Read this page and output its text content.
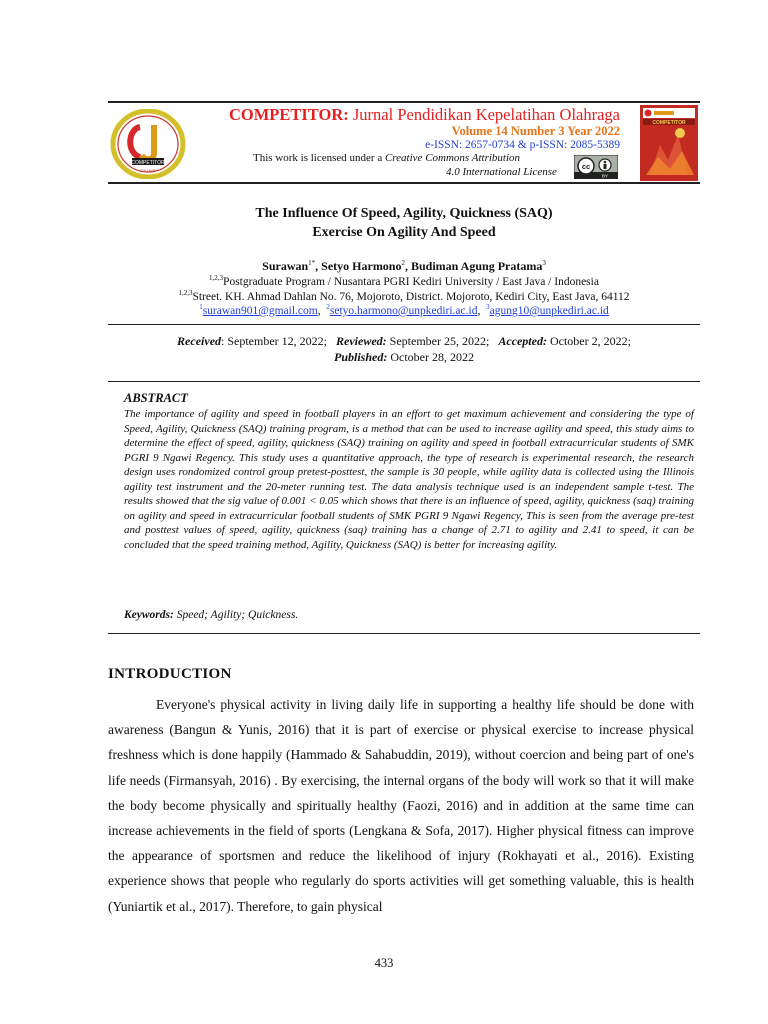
COMPETITOR
FIK UNIP
COMPETITOR: Jurnal Pendidikan Kepelatihan Olahraga
Volume 14 Number 3 Year 2022
e-ISSN: 2657-0734 & p-ISSN: 2085-5389
This work is licensed under a Creative Commons Attribution
4.0 International License	cc
BY
COMPETITOR
The Influence Of Speed, Agility, Quickness (SAQ)
Exercise On Agility And Speed
Surawan$^{1*}$, Setyo Harmono$^2$, Budiman Agung Pratama$^3$
$^{1,2,3}$Postgraduate Program / Nusantara PGRI Kediri University / East Java / Indonesia
$^{1,2,3}$Street. KH. Ahmad Dahlan No. 76, Mojoroto, District. Mojoroto, Kediri City, East Java, 64112
$^1$surawan901@gmail.com,  $^2$setyo.harmono@unpkediri.ac.id,  $^3$agung10@unpkediri.ac.id
Received: September 12, 2022; Reviewed: September 25, 2022; Accepted: October 2, 2022;
Published: October 28, 2022
ABSTRACT
The importance of agility and speed in football players in an effort to get maximum achievement and considering the type of Speed, Agility, Quickness (SAQ) training program, is a method that can be used to increase agility and speed, this study aims to determine the effect of speed, agility, quickness (SAQ) training on agility and speed in football extracurricular students of SMK PGRI 9 Ngawi Regency. This study uses a quantitative approach, the type of research is experimental research, the research design uses rondomized control group pretest-posttest, the sample is 30 people, while agility data is collected using the Illinois agility test instrument and the 20-meter running test. The data analysis technique used is an independent sample t-test. The results showed that the sig value of 0.001 < 0.05 which shows that there is an influence of speed, agility, quickness (saq) training on agility and speed in extracurricular football students of SMK PGRI 9 Ngawi Regency, This is seen from the average pre-test and posttest values of speed, agility, quickness (saq) training has a change of 2.71 to agility and 2.41 to speed, it can be concluded that the speed training method, Agility, Quickness (SAQ) is better for increasing agility.
Keywords: Speed; Agility; Quickness.
INTRODUCTION
Everyone's physical activity in living daily life in supporting a healthy life should be done with awareness (Bangun & Yunis, 2016) that it is part of exercise or physical exercise to increase physical freshness which is done happily (Hammado & Sahabuddin, 2019), without coercion and being part of one's life needs (Firmansyah, 2016) . By exercising, the internal organs of the body will work so that it will make the body become physically and spiritually healthy (Faozi, 2016) and in addition at the same time can increase achievements in the field of sports (Lengkana & Sofa, 2017). Higher physical fitness can improve the appearance of sportsmen and reduce the likelihood of injury (Rokhayati et al., 2016). Existing experience shows that people who regularly do sports activities will get something valuable, this is health (Yuniartik et al., 2017). Therefore, to gain physical
433
